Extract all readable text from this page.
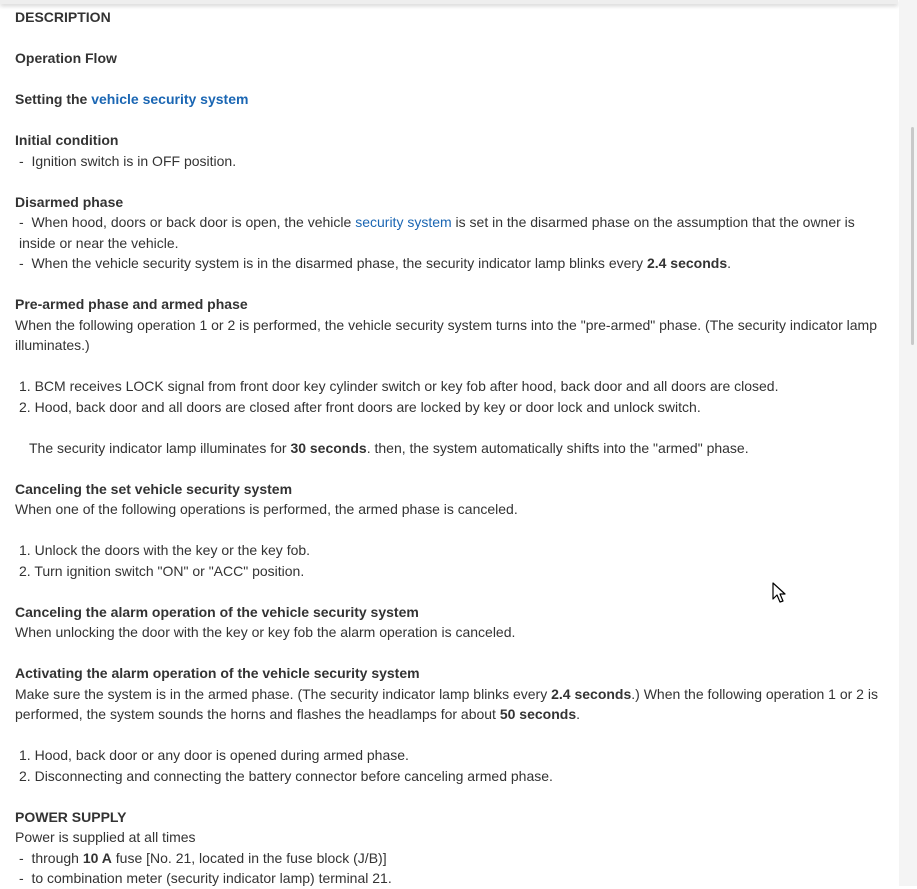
DESCRIPTION
Operation Flow
Setting the vehicle security system
Initial condition
- Ignition switch is in OFF position.
Disarmed phase
- When hood, doors or back door is open, the vehicle security system is set in the disarmed phase on the assumption that the owner is inside or near the vehicle.
- When the vehicle security system is in the disarmed phase, the security indicator lamp blinks every 2.4 seconds.
Pre-armed phase and armed phase
When the following operation 1 or 2 is performed, the vehicle security system turns into the "pre-armed" phase. (The security indicator lamp illuminates.)
1. BCM receives LOCK signal from front door key cylinder switch or key fob after hood, back door and all doors are closed.
2. Hood, back door and all doors are closed after front doors are locked by key or door lock and unlock switch.
The security indicator lamp illuminates for 30 seconds. then, the system automatically shifts into the "armed" phase.
Canceling the set vehicle security system
When one of the following operations is performed, the armed phase is canceled.
1. Unlock the doors with the key or the key fob.
2. Turn ignition switch "ON" or "ACC" position.
Canceling the alarm operation of the vehicle security system
When unlocking the door with the key or key fob the alarm operation is canceled.
Activating the alarm operation of the vehicle security system
Make sure the system is in the armed phase. (The security indicator lamp blinks every 2.4 seconds.) When the following operation 1 or 2 is performed, the system sounds the horns and flashes the headlamps for about 50 seconds.
1. Hood, back door or any door is opened during armed phase.
2. Disconnecting and connecting the battery connector before canceling armed phase.
POWER SUPPLY
Power is supplied at all times
- through 10 A fuse [No. 21, located in the fuse block (J/B)]
- to combination meter (security indicator lamp) terminal 21.
